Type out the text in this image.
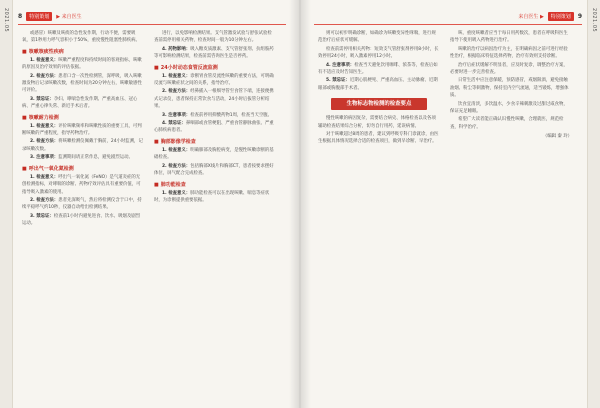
2021.05 8	特别策划	▶ 来自医生

或感冒）咳嗽及咳痰的急性发作期，行动不便，需要吸氧，第1秒用力呼气容积小于50%，重度慢性阻塞性肺疾病。

■ 咳嗽咳痰性疾病

1. 检查意义：咳嗽严重程度和持续时间的客观指标，咳嗽的原因及治疗效果的评估依据。

2. 检查方法：患者口含一次性检测管，深呼吸，吸入咳嗽激发物后记录咳嗽次数，检查时间为20分钟左右，咳嗽敏感性可评价。

3. 禁忌证：孕妇、哮喘急性发作期、严重高血压、冠心病、严重心律失常、新近手术后者。

■ 咳嗽耐力检测

1. 检查意义：评价咳嗽频率和咳嗽性质的重要工具，可判断咳嗽的严重程度，指导药物治疗。

2. 检查方法：将咳嗽检测仪佩戴于胸前，24小时监测，记录咳嗽次数。

3. 注意事项：监测期间请正常作息，避免剧烈运动。

■ 呼出气一氧化氮检测

1. 检查意义：呼出气一氧化氮（FeNO）是气道炎症的无创检测指标，对哮喘的诊断、药物疗效评估具有重要价值，可指导吸入激素的使用。

2. 检查方法：患者先深吸气，然后将检测仪含于口中，持续平稳呼气约10秒，仪器自动给出检测结果。

3. 禁忌证：检查前1小时内避免进食、饮水、吸烟及剧烈运动。

进行，以免影响检测结果。支气管激发试验与舒张试验检查前需停用相关药物，检查时间一般为10分钟左右。

4. 药物影响：吸入糖皮质激素、支气管舒张剂、抗组胺药等可影响检测结果，检查前需咨询医生是否停药。

■ 24小时动态食管反流监测

1. 检查意义：诊断胃食管反流性咳嗽的重要方法，可明确反流与咳嗽症状之间的关系，指导治疗。

2. 检查方法：经鼻插入一根细导管至食管下端，连接便携式记录仪，患者保持正常饮食与活动，24小时后拔管分析结果。

3. 注意事项：检查前停用抑酸药物1周，检查当天空腹。

4. 禁忌证：鼻咽部或食管梗阻、严重食管静脉曲张、严重心肺疾病患者。

■ 胸部影像学检查

1. 检查意义：明确肺部及胸腔病变，是慢性咳嗽诊断的基础检查。

2. 检查方法：包括胸部X线片和胸部CT，患者按要求摆好体位，屏气配合完成检查。

■ 肺功能检查

1. 检查意义：肺功能检查可以在出现咳嗽、喘息等症状时，为诊断提供重要依据。

2021.05
来自医生 ▶	特别策划	9

则可以初步明确诊断，如确诊为咳嗽变异性哮喘，进行规范治疗后症状可缓解。

检查前需停用相关药物：短效支气管舒张剂停用8小时，长效停用24小时，吸入激素停用12小时。

4. 注意事项：检查当天避免饮用咖啡、浓茶等，检查后如有不适应及时告知医生。

5. 禁忌证：近期心肌梗死、严重高血压、主动脉瘤、近期眼部或胸腹部手术者。

生物标志物检测的检查要点

慢性咳嗽的病因复杂，需要结合病史、体格检查以及各项辅助检查结果综合分析，切勿自行用药，延误病情。

对于咳嗽超过8周的患者，建议到呼吸专科门诊就诊，由医生根据具体情况选择合适的检查项目，做到早诊断、早治疗。

咳、重度咳嗽者应当于每日用药数次，患者在呼吸科医生指导下使用吸入药物进行治疗。

咳嗽的治疗以病因治疗为主，在明确病因之前可进行经验性治疗，根据临床特征选择药物，治疗有效则支持诊断。

治疗后症状缓解不明显者，应及时复诊，调整治疗方案，必要时进一步完善检查。

日常生活中应注意保暖，预防感冒，戒烟限酒，避免接触油烟、粉尘等刺激物，保持室内空气流通，适当锻炼，增强体质。

饮食宜清淡，多饮温水，少食辛辣刺激及过甜过咸食物，保证充足睡眠。

希望广大读者能正确认识慢性咳嗽，合理就医，规范检查，科学治疗。

（编辑 秦 玲）
